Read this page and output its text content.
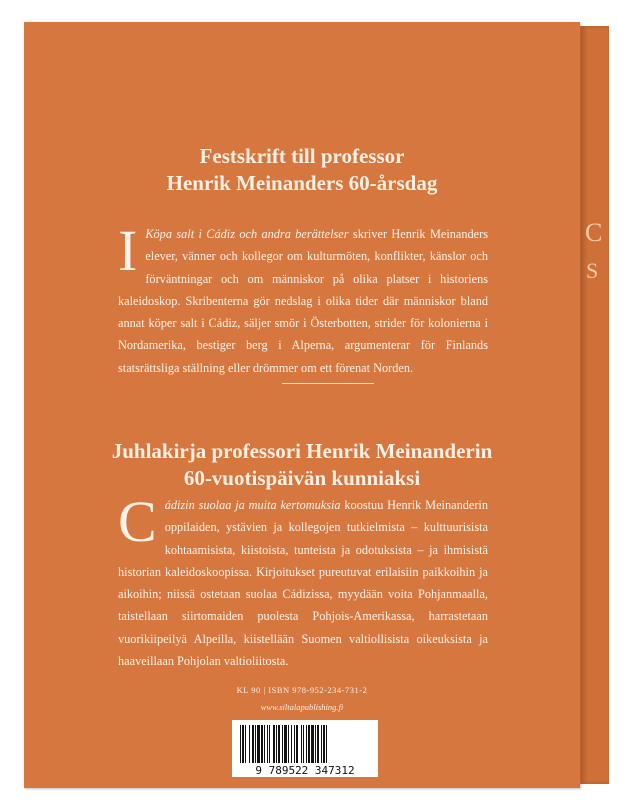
Festskrift till professor
Henrik Meinanders 60-årsdag
I Köpa salt i Cádiz och andra berättelser skriver Henrik Meinanders elever, vänner och kollegor om kulturmöten, konflikter, känslor och förväntningar och om människor på olika platser i historiens kaleidoskop. Skribenterna gör nedslag i olika tider där människor bland annat köper salt i Cádiz, säljer smör i Österbotten, strider för kolonierna i Nordamerika, bestiger berg i Alperna, argumenterar för Finlands statsrättsliga ställning eller drömmer om ett förenat Norden.
Juhlakirja professori Henrik Meinanderin
60-vuotispäivän kunniaksi
Cádizin suolaa ja muita kertomuksia koostuu Henrik Meinanderin oppilaiden, ystävien ja kollegojen tutkielmista – kulttuurisista kohtaamisista, kiistoista, tunteista ja odotuksista – ja ihmisistä historian kaleidoskoopissa. Kirjoitukset pureutuvat erilaisiin paikkoihin ja aikoihin; niissä ostetaan suolaa Cádizissa, myydään voita Pohjanmaalla, taistellaan siirtomaiden puolesta Pohjois-Amerikassa, harrastetaan vuorikiipeilyä Alpeilla, kiistellään Suomen valtiollisista oikeuksista ja haaveillaan Pohjolan valtioliitosta.
KL 90 | ISBN 978-952-234-731-2
www.siltalapublishing.fi
9 789522 347312
C
S
